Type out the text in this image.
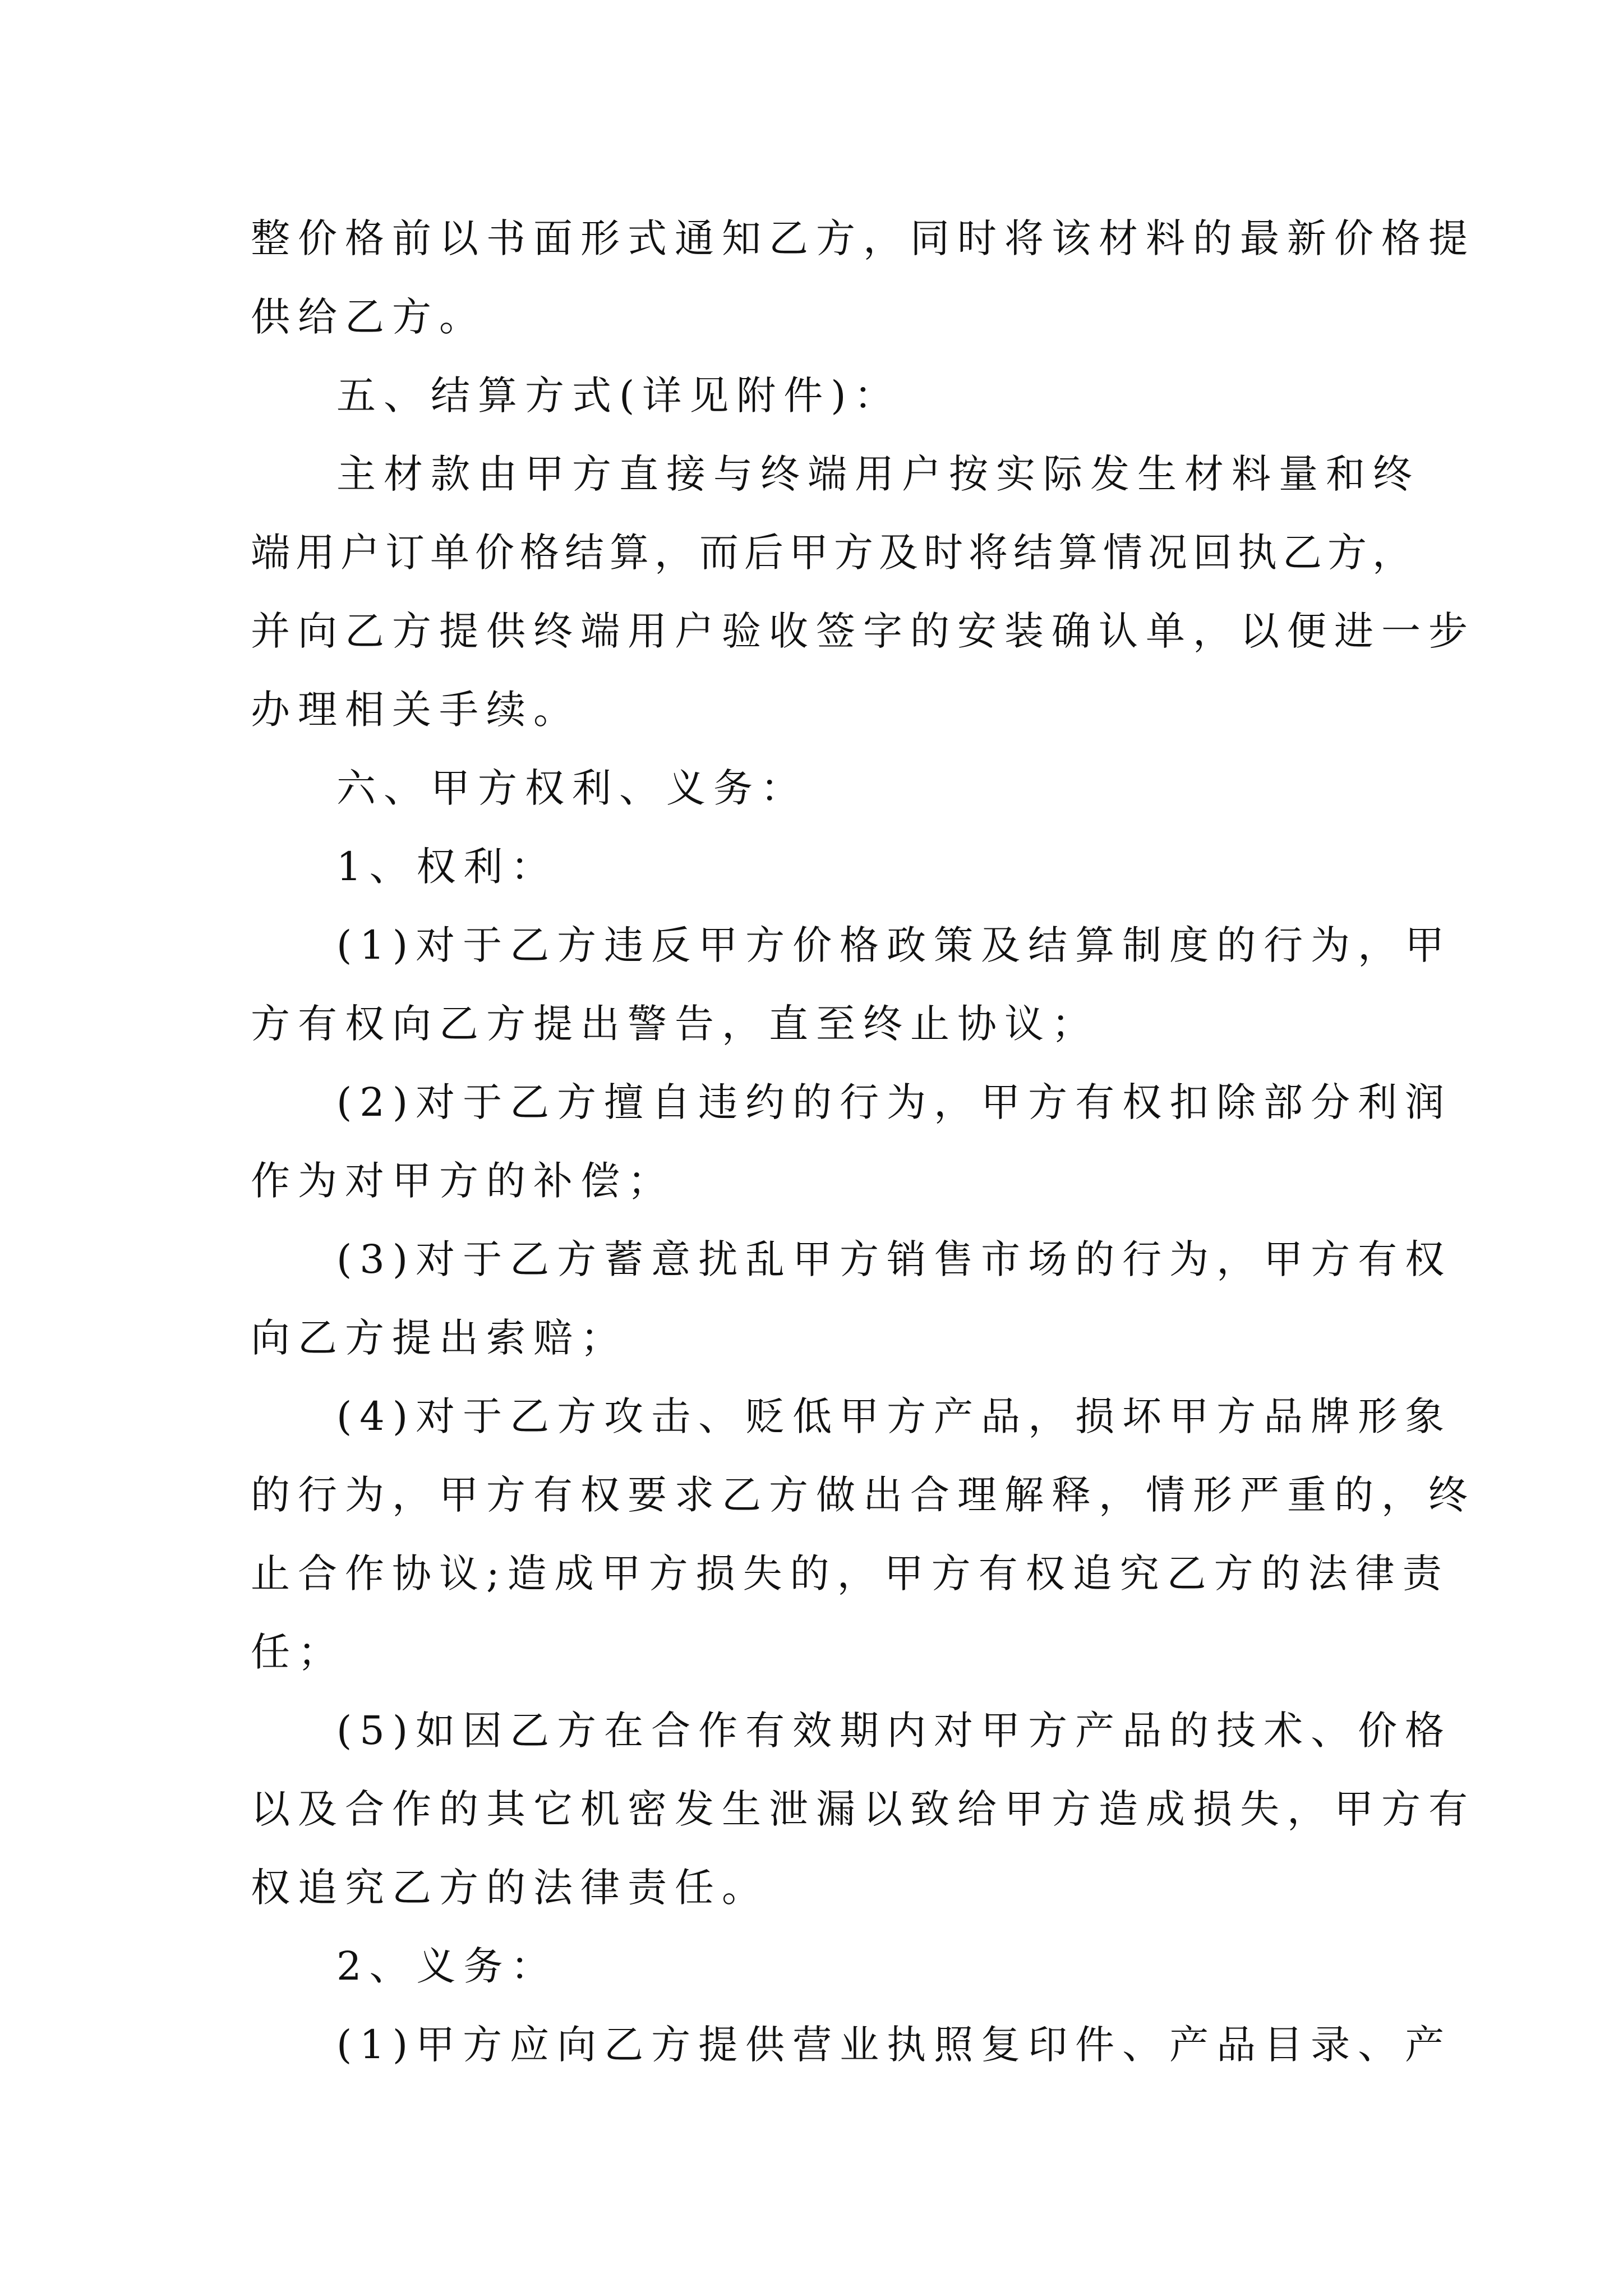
整价格前以书面形式通知乙方，同时将该材料的最新价格提
供给乙方。
五、结算方式(详见附件)：
主材款由甲方直接与终端用户按实际发生材料量和终
端用户订单价格结算，而后甲方及时将结算情况回执乙方，
并向乙方提供终端用户验收签字的安装确认单，以便进一步
办理相关手续。
六、甲方权利、义务：
1、权利：
(1)对于乙方违反甲方价格政策及结算制度的行为，甲
方有权向乙方提出警告，直至终止协议；
(2)对于乙方擅自违约的行为，甲方有权扣除部分利润
作为对甲方的补偿；
(3)对于乙方蓄意扰乱甲方销售市场的行为，甲方有权
向乙方提出索赔；
(4)对于乙方攻击、贬低甲方产品，损坏甲方品牌形象
的行为，甲方有权要求乙方做出合理解释，情形严重的，终
止合作协议;造成甲方损失的，甲方有权追究乙方的法律责
任；
(5)如因乙方在合作有效期内对甲方产品的技术、价格
以及合作的其它机密发生泄漏以致给甲方造成损失，甲方有
权追究乙方的法律责任。
2、义务：
(1)甲方应向乙方提供营业执照复印件、产品目录、产
